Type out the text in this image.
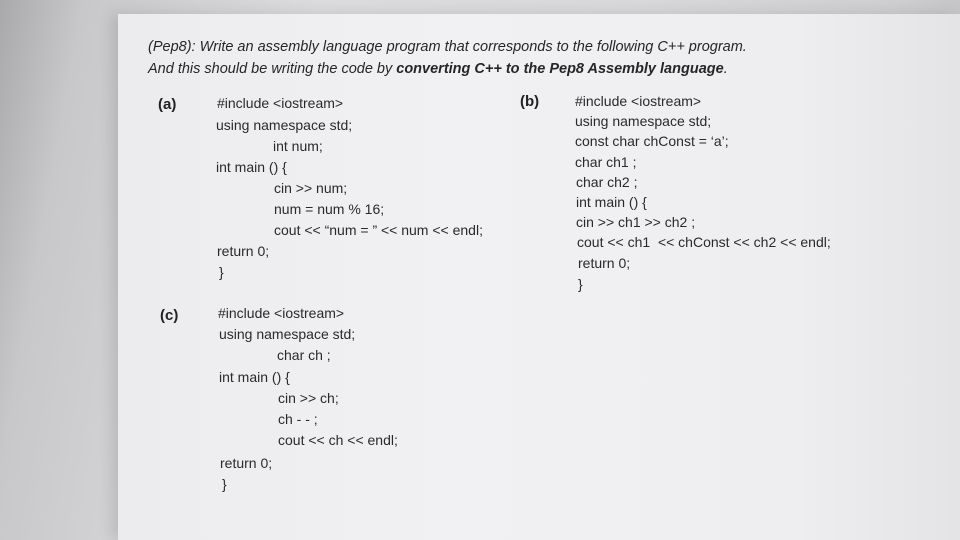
(Pep8): Write an assembly language program that corresponds to the following C++ program.
And this should be writing the code by converting C++ to the Pep8 Assembly language.
(a)	#include <iostream>
using namespace std;
int num;
int main () {
cin >> num;
num = num % 16;
cout << “num = ” << num << endl;
return 0;
}
(b)	#include <iostream>
using namespace std;
const char chConst = ‘a’;
char ch1 ;
char ch2 ;
int main () {
cin >> ch1 >> ch2 ;
cout << ch1  << chConst << ch2 << endl;
return 0;
}
(c)	#include <iostream>
using namespace std;
char ch ;
int main () {
cin >> ch;
ch - - ;
cout << ch << endl;
return 0;
}
